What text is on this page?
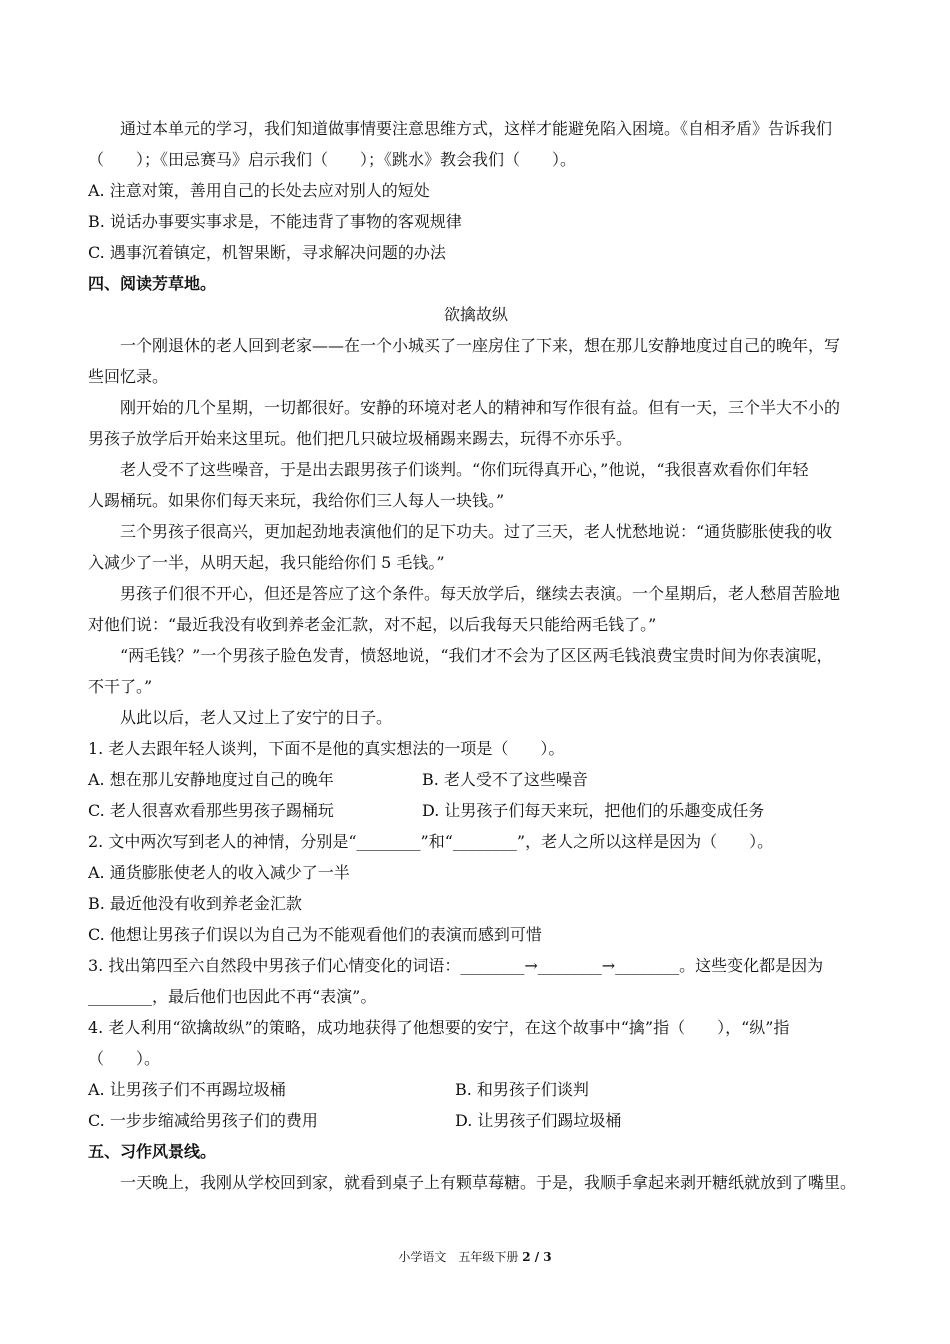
通过本单元的学习，我们知道做事情要注意思维方式，这样才能避免陷入困境。《自相矛盾》告诉我们
（　　）；《田忌赛马》启示我们（　　）；《跳水》教会我们（　　）。
A. 注意对策，善用自己的长处去应对别人的短处
B. 说话办事要实事求是，不能违背了事物的客观规律
C. 遇事沉着镇定，机智果断，寻求解决问题的办法
四、阅读芳草地。
欲擒故纵
一个刚退休的老人回到老家——在一个小城买了一座房住了下来，想在那儿安静地度过自己的晚年，写
些回忆录。
刚开始的几个星期，一切都很好。安静的环境对老人的精神和写作很有益。但有一天，三个半大不小的
男孩子放学后开始来这里玩。他们把几只破垃圾桶踢来踢去，玩得不亦乐乎。
老人受不了这些噪音，于是出去跟男孩子们谈判。“你们玩得真开心，”他说，“我很喜欢看你们年轻
人踢桶玩。如果你们每天来玩，我给你们三人每人一块钱。”
三个男孩子很高兴，更加起劲地表演他们的足下功夫。过了三天，老人忧愁地说：“通货膨胀使我的收
入减少了一半，从明天起，我只能给你们 5 毛钱。”
男孩子们很不开心，但还是答应了这个条件。每天放学后，继续去表演。一个星期后，老人愁眉苦脸地
对他们说：“最近我没有收到养老金汇款，对不起，以后我每天只能给两毛钱了。”
“两毛钱？”一个男孩子脸色发青，愤怒地说，“我们才不会为了区区两毛钱浪费宝贵时间为你表演呢，
不干了。”
从此以后，老人又过上了安宁的日子。
1. 老人去跟年轻人谈判，下面不是他的真实想法的一项是（　　）。
A. 想在那儿安静地度过自己的晚年	B. 老人受不了这些噪音
C. 老人很喜欢看那些男孩子踢桶玩	D. 让男孩子们每天来玩，把他们的乐趣变成任务
2. 文中两次写到老人的神情，分别是“________”和“________”，老人之所以这样是因为（　　）。
A. 通货膨胀使老人的收入减少了一半
B. 最近他没有收到养老金汇款
C. 他想让男孩子们误以为自己为不能观看他们的表演而感到可惜
3. 找出第四至六自然段中男孩子们心情变化的词语：________→________→________。这些变化都是因为
________，最后他们也因此不再“表演”。
4. 老人利用“欲擒故纵”的策略，成功地获得了他想要的安宁，在这个故事中“擒”指（　　），“纵”指
（　　）。
A. 让男孩子们不再踢垃圾桶	B. 和男孩子们谈判
C. 一步步缩减给男孩子们的费用	D. 让男孩子们踢垃圾桶
五、习作风景线。
一天晚上，我刚从学校回到家，就看到桌子上有颗草莓糖。于是，我顺手拿起来剥开糖纸就放到了嘴里。
小学语文　五年级下册 2 / 3
